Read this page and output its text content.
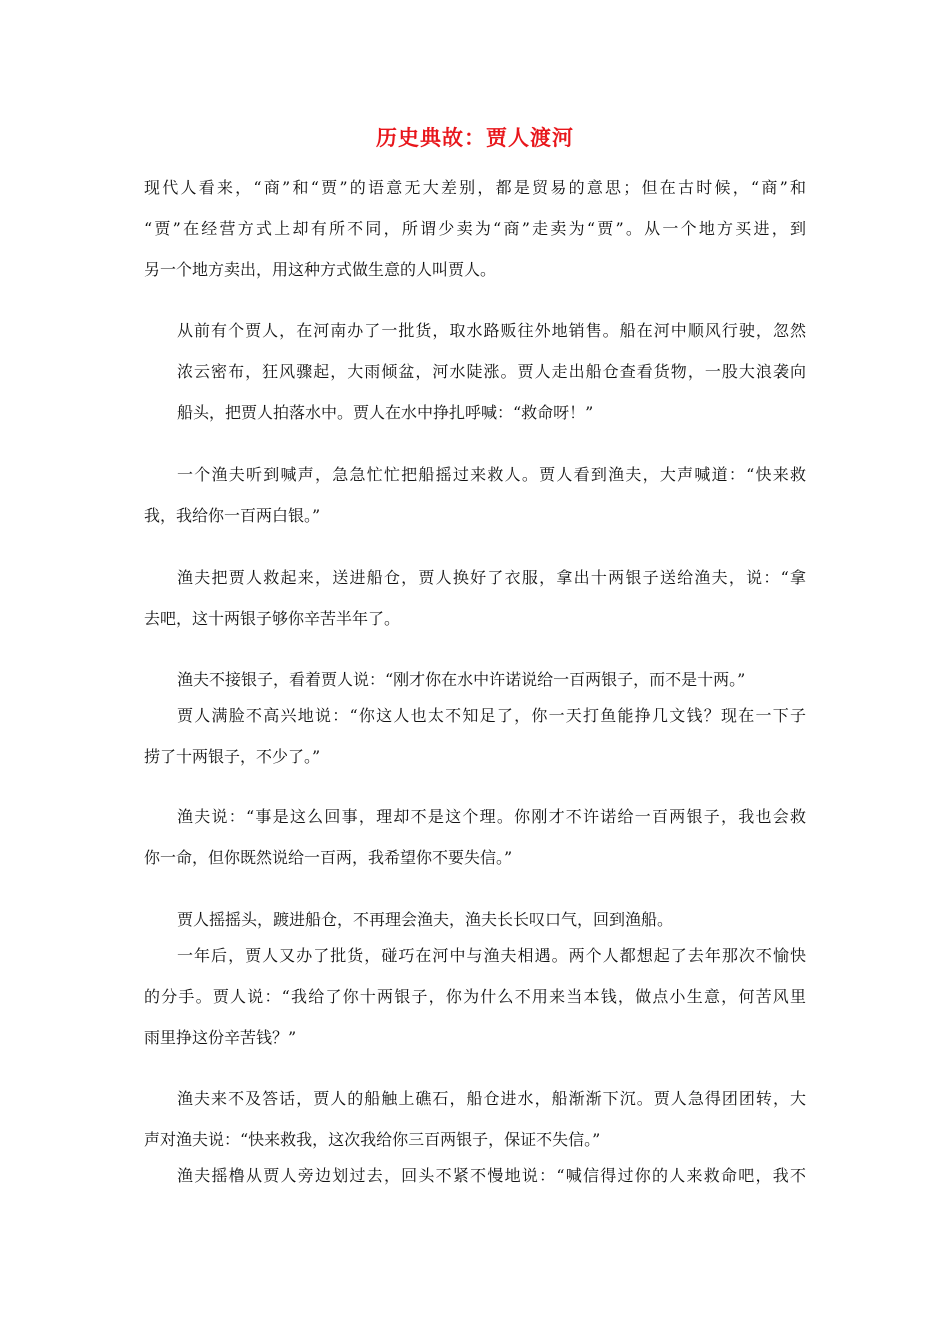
历史典故：贾人渡河
现代人看来，“商”和“贾”的语意无大差别，都是贸易的意思；但在古时候，“商”和
“贾”在经营方式上却有所不同，所谓少卖为“商”走卖为“贾”。从一个地方买进，到
另一个地方卖出，用这种方式做生意的人叫贾人。
从前有个贾人，在河南办了一批货，取水路贩往外地销售。船在河中顺风行驶，忽然
浓云密布，狂风骤起，大雨倾盆，河水陡涨。贾人走出船仓查看货物，一股大浪袭向
船头，把贾人拍落水中。贾人在水中挣扎呼喊：“救命呀！”
一个渔夫听到喊声，急急忙忙把船摇过来救人。贾人看到渔夫，大声喊道：“快来救
我，我给你一百两白银。”
渔夫把贾人救起来，送进船仓，贾人换好了衣服，拿出十两银子送给渔夫，说：“拿
去吧，这十两银子够你辛苦半年了。
渔夫不接银子，看着贾人说：“刚才你在水中许诺说给一百两银子，而不是十两。”
贾人满脸不高兴地说：“你这人也太不知足了，你一天打鱼能挣几文钱？现在一下子
捞了十两银子，不少了。”
渔夫说：“事是这么回事，理却不是这个理。你刚才不许诺给一百两银子，我也会救
你一命，但你既然说给一百两，我希望你不要失信。”
贾人摇摇头，踱进船仓，不再理会渔夫，渔夫长长叹口气，回到渔船。
一年后，贾人又办了批货，碰巧在河中与渔夫相遇。两个人都想起了去年那次不愉快
的分手。贾人说：“我给了你十两银子，你为什么不用来当本钱，做点小生意，何苦风里
雨里挣这份辛苦钱？”
渔夫来不及答话，贾人的船触上礁石，船仓进水，船渐渐下沉。贾人急得团团转，大
声对渔夫说：“快来救我，这次我给你三百两银子，保证不失信。”
渔夫摇橹从贾人旁边划过去，回头不紧不慢地说：“喊信得过你的人来救命吧，我不
